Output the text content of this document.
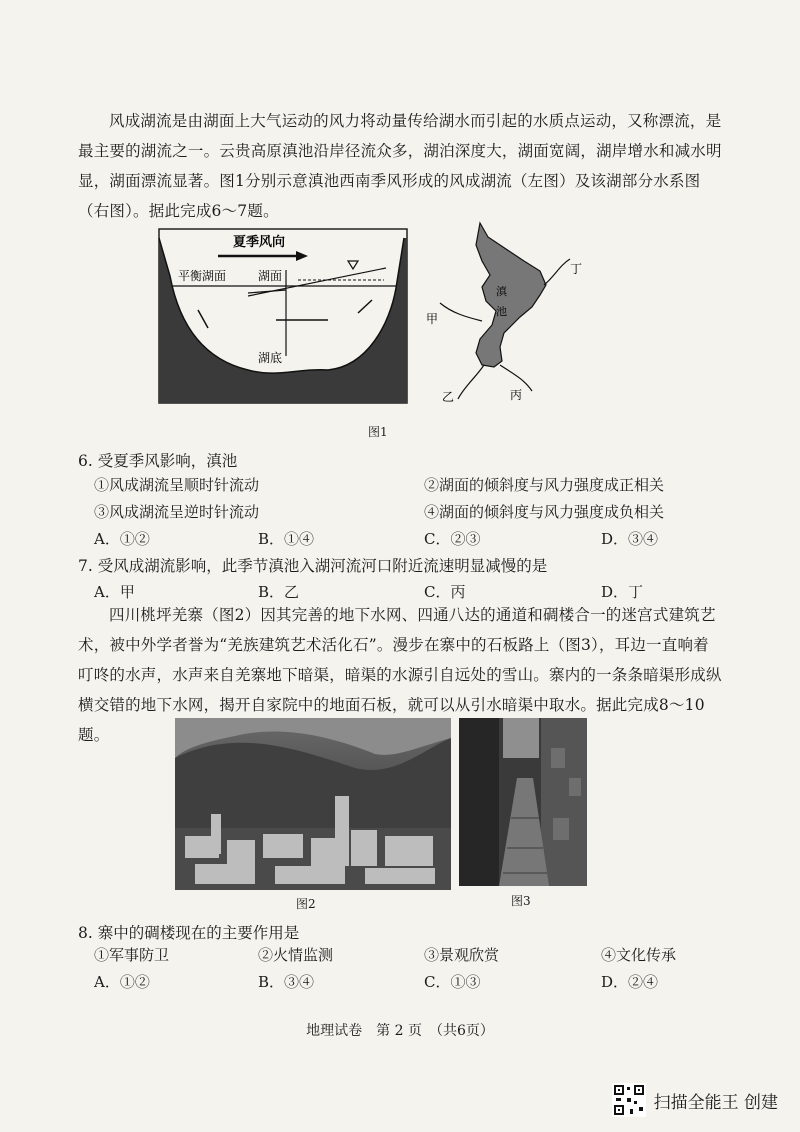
风成湖流是由湖面上大气运动的风力将动量传给湖水而引起的水质点运动，又称漂流，是最主要的湖流之一。云贵高原滇池沿岸径流众多，湖泊深度大，湖面宽阔，湖岸增水和减水明显，湖面漂流显著。图1分别示意滇池西南季风形成的风成湖流（左图）及该湖部分水系图（右图）。据此完成6～7题。
夏季风向
平衡湖面	湖面
湖底
滇
池
丁
甲
乙	丙
图1
6. 受夏季风影响，滇池
①风成湖流呈顺时针流动	②湖面的倾斜度与风力强度成正相关
③风成湖流呈逆时针流动	④湖面的倾斜度与风力强度成负相关
A．①②	B．①④	C．②③	D．③④
7. 受风成湖流影响，此季节滇池入湖河流河口附近流速明显减慢的是
A．甲	B．乙	C．丙	D．丁
四川桃坪羌寨（图2）因其完善的地下水网、四通八达的通道和碉楼合一的迷宫式建筑艺术，被中外学者誉为“羌族建筑艺术活化石”。漫步在寨中的石板路上（图3），耳边一直响着叮咚的水声，水声来自羌寨地下暗渠，暗渠的水源引自远处的雪山。寨内的一条条暗渠形成纵横交错的地下水网，揭开自家院中的地面石板，就可以从引水暗渠中取水。据此完成8～10题。
图2	图3
8. 寨中的碉楼现在的主要作用是
①军事防卫	②火情监测	③景观欣赏	④文化传承
A．①②	B．③④	C．①③	D．②④
地理试卷　第 2 页　（共6页）
扫描全能王 创建
